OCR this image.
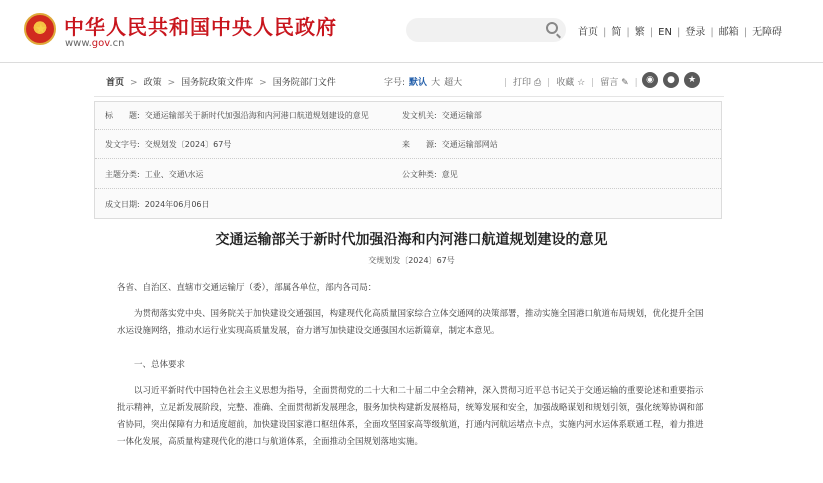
★ 中华人民共和国中央人民政府
www.gov.cn
首页 | 简 | 繁 | EN | 登录 | 邮箱 | 无障碍
首页 > 政策 > 国务院政策文件库 > 国务院部门文件	字号: 默认 大 超大	| 打印 ⎙ | 收藏 ☆ | 留言 ✎ | ◉ ● ★
标　　题: 交通运输部关于新时代加强沿海和内河港口航道规划建设的意见	发文机关: 交通运输部
发文字号: 交规划发〔2024〕67号	来　　源: 交通运输部网站
主题分类: 工业、交通\水运	公文种类: 意见
成文日期: 2024年06月06日
交通运输部关于新时代加强沿海和内河港口航道规划建设的意见
交规划发〔2024〕67号
各省、自治区、直辖市交通运输厅（委），部属各单位，部内各司局：
为贯彻落实党中央、国务院关于加快建设交通强国，构建现代化高质量国家综合立体交通网的决策部署，推动实施全国港口航道布局规划，优化提升全国水运设施网络，推动水运行业实现高质量发展，奋力谱写加快建设交通强国水运新篇章，制定本意见。
一、总体要求
以习近平新时代中国特色社会主义思想为指导，全面贯彻党的二十大和二十届二中全会精神，深入贯彻习近平总书记关于交通运输的重要论述和重要指示批示精神，立足新发展阶段，完整、准确、全面贯彻新发展理念，服务加快构建新发展格局，统筹发展和安全，加强战略谋划和规划引领，强化统筹协调和部省协同，突出保障有力和适度超前，加快建设国家港口枢纽体系，全面攻坚国家高等级航道，打通内河航运堵点卡点，实施内河水运体系联通工程，着力推进一体化发展，高质量构建现代化的港口与航道体系，全面推动全国规划落地实施。
